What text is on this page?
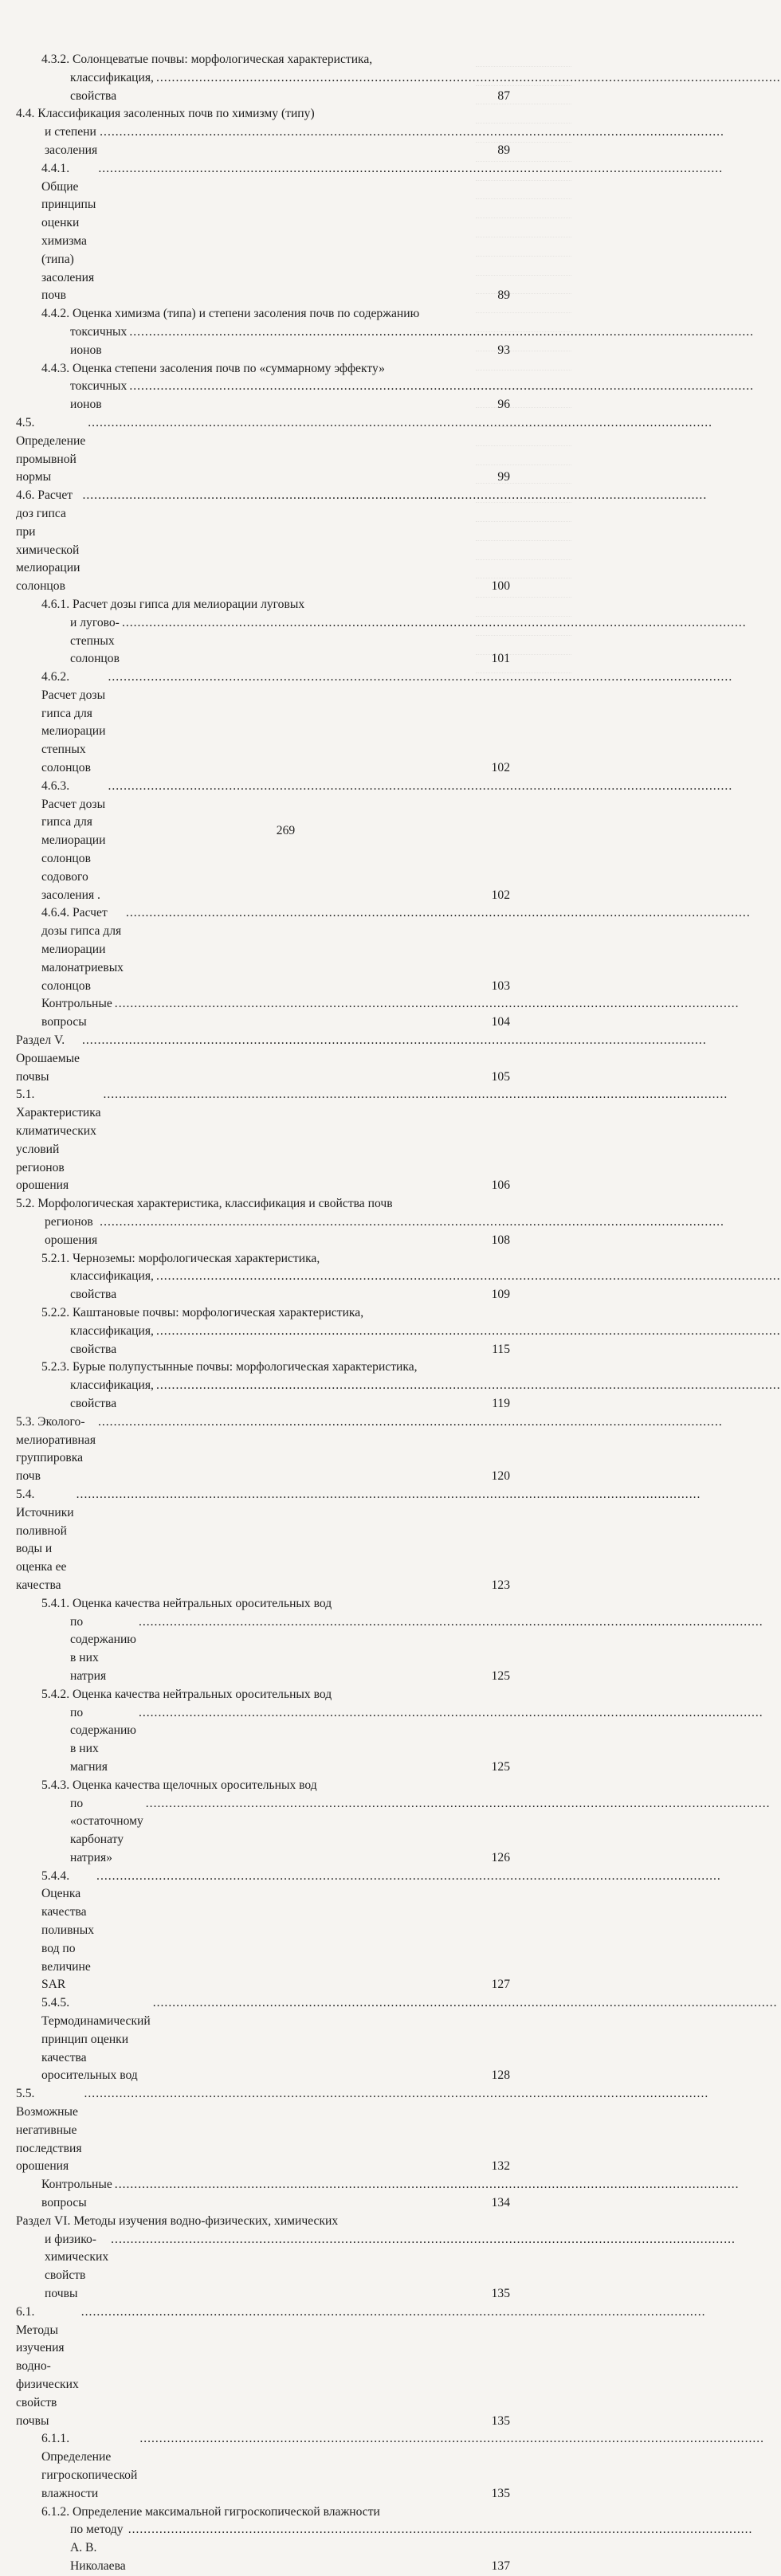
4.3.2. Солонцеватые почвы: морфологическая характеристика,
классификация, свойства
.....	87
4.4. Классификация засоленных почв по химизму (типу)
и степени засоления
.....	89
4.4.1. Общие принципы оценки химизма (типа) засоления почв
.....	89
4.4.2. Оценка химизма (типа) и степени засоления почв по содержанию
токсичных ионов
.....	93
4.4.3. Оценка степени засоления почв по «суммарному эффекту»
токсичных ионов
.....	96
4.5. Определение промывной нормы
.....	99
4.6. Расчет доз гипса при химической мелиорации солонцов
.....	100
4.6.1. Расчет дозы гипса для мелиорации луговых
и лугово-степных солонцов
.....	101
4.6.2. Расчет дозы гипса для мелиорации степных солонцов
.....	102
4.6.3. Расчет дозы гипса для мелиорации солонцов содового засоления .
.....	102
4.6.4. Расчет дозы гипса для мелиорации малонатриевых солонцов
.....	103
Контрольные вопросы
.....	104
Раздел V. Орошаемые почвы
.....	105
5.1. Характеристика климатических условий регионов орошения
.....	106
5.2. Морфологическая характеристика, классификация и свойства почв
регионов орошения
.....	108
5.2.1. Черноземы: морфологическая характеристика,
классификация, свойства
.....	109
5.2.2. Каштановые почвы: морфологическая характеристика,
классификация, свойства
.....	115
5.2.3. Бурые полупустынные почвы: морфологическая характеристика,
классификация, свойства
.....	119
5.3. Эколого-мелиоративная группировка почв
.....	120
5.4. Источники поливной воды и оценка ее качества
.....	123
5.4.1. Оценка качества нейтральных оросительных вод
по содержанию в них натрия
.....	125
5.4.2. Оценка качества нейтральных оросительных вод
по содержанию в них магния
.....	125
5.4.3. Оценка качества щелочных оросительных вод
по «остаточному карбонату натрия»
.....	126
5.4.4. Оценка качества поливных вод по величине SAR
.....	127
5.4.5. Термодинамический принцип оценки качества оросительных вод
.....	128
5.5. Возможные негативные последствия орошения
.....	132
Контрольные вопросы
.....	134
Раздел VI. Методы изучения водно-физических, химических
и физико-химических свойств почвы
.....	135
6.1. Методы изучения водно-физических свойств почвы
.....	135
6.1.1. Определение гигроскопической влажности
.....	135
6.1.2. Определение максимальной гигроскопической влажности
по методу А. В. Николаева
.....	137
269
